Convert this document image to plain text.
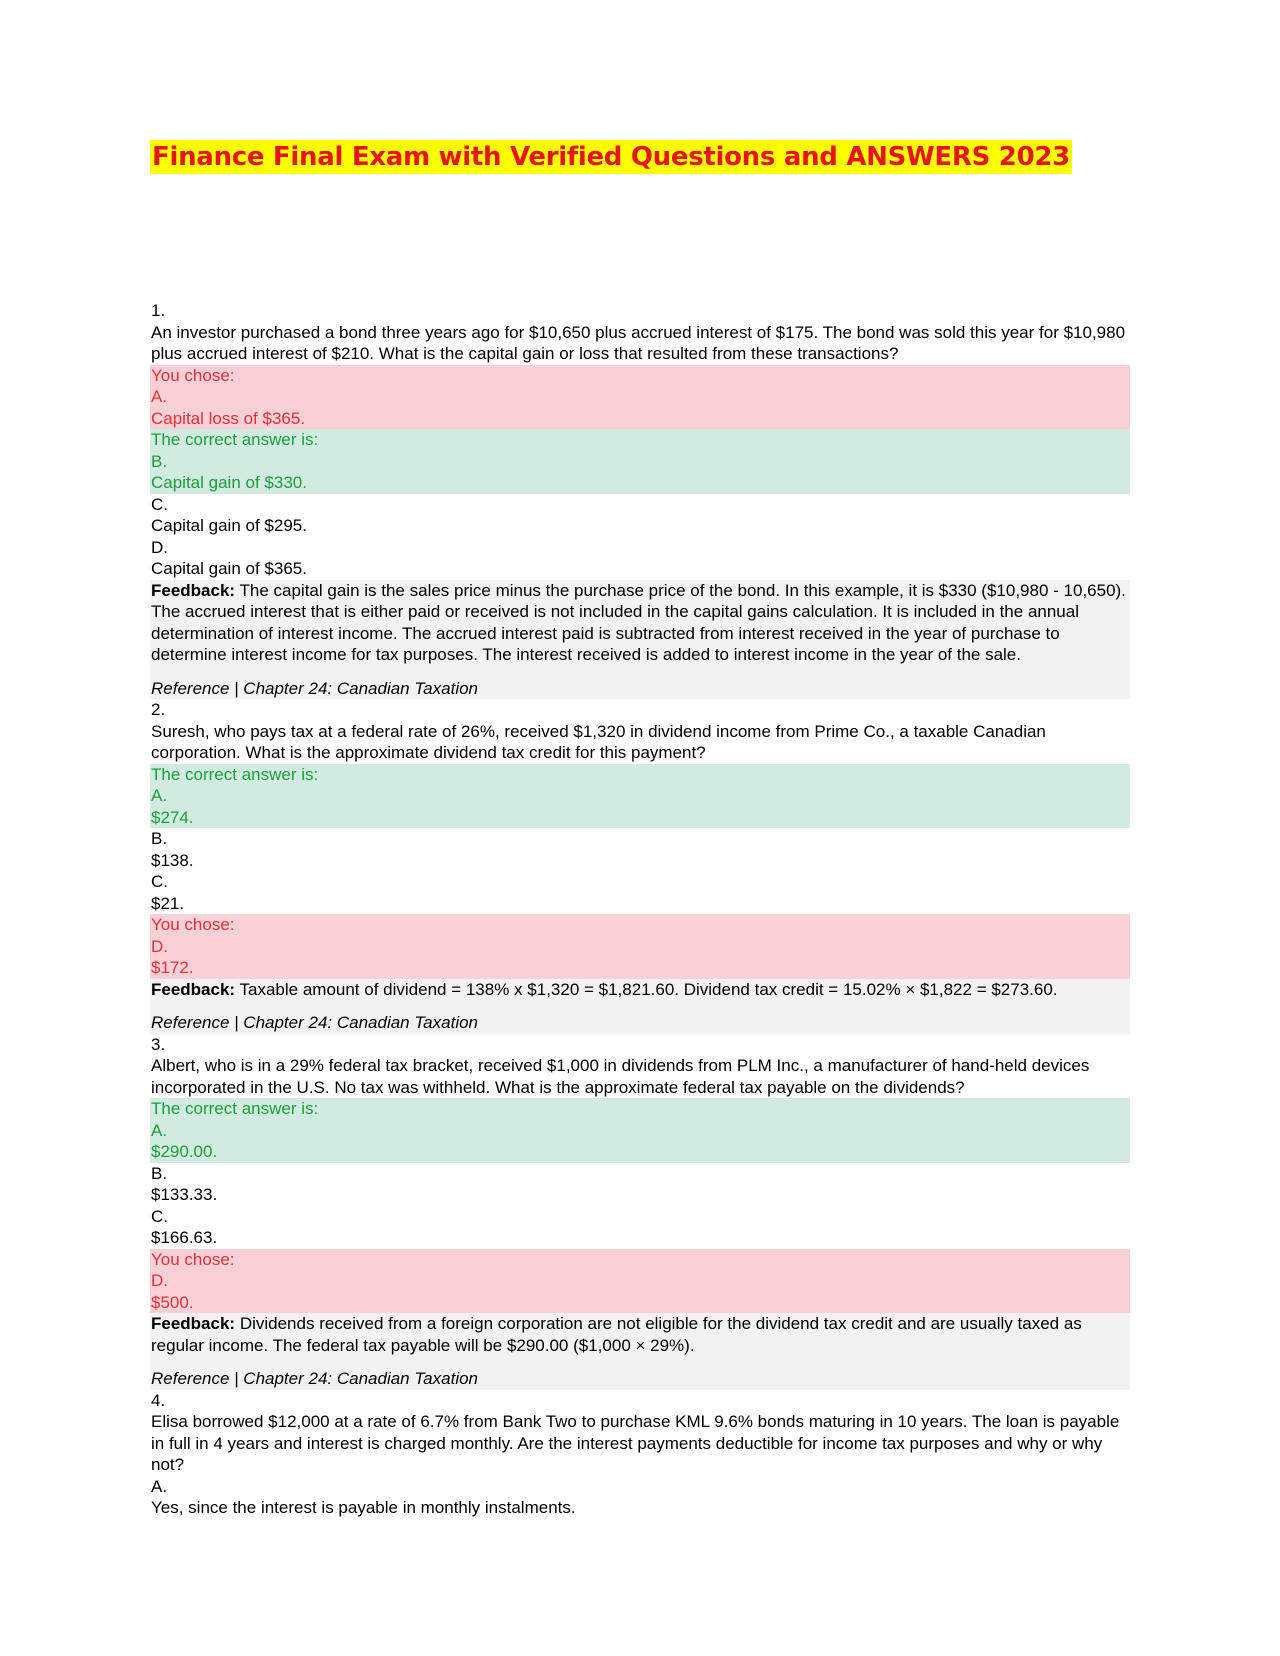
Finance Final Exam with Verified Questions and ANSWERS 2023
1.
An investor purchased a bond three years ago for $10,650 plus accrued interest of $175. The bond was sold this year for $10,980 plus accrued interest of $210. What is the capital gain or loss that resulted from these transactions?
You chose:
A.
Capital loss of $365.
The correct answer is:
B.
Capital gain of $330.
C.
Capital gain of $295.
D.
Capital gain of $365.
Feedback: The capital gain is the sales price minus the purchase price of the bond. In this example, it is $330 ($10,980 - 10,650). The accrued interest that is either paid or received is not included in the capital gains calculation. It is included in the annual determination of interest income. The accrued interest paid is subtracted from interest received in the year of purchase to determine interest income for tax purposes. The interest received is added to interest income in the year of the sale.
Reference | Chapter 24: Canadian Taxation
2.
Suresh, who pays tax at a federal rate of 26%, received $1,320 in dividend income from Prime Co., a taxable Canadian corporation. What is the approximate dividend tax credit for this payment?
The correct answer is:
A.
$274.
B.
$138.
C.
$21.
You chose:
D.
$172.
Feedback: Taxable amount of dividend = 138% x $1,320 = $1,821.60. Dividend tax credit = 15.02% × $1,822 = $273.60.
Reference | Chapter 24: Canadian Taxation
3.
Albert, who is in a 29% federal tax bracket, received $1,000 in dividends from PLM Inc., a manufacturer of hand-held devices incorporated in the U.S. No tax was withheld. What is the approximate federal tax payable on the dividends?
The correct answer is:
A.
$290.00.
B.
$133.33.
C.
$166.63.
You chose:
D.
$500.
Feedback: Dividends received from a foreign corporation are not eligible for the dividend tax credit and are usually taxed as regular income. The federal tax payable will be $290.00 ($1,000 × 29%).
Reference | Chapter 24: Canadian Taxation
4.
Elisa borrowed $12,000 at a rate of 6.7% from Bank Two to purchase KML 9.6% bonds maturing in 10 years. The loan is payable in full in 4 years and interest is charged monthly. Are the interest payments deductible for income tax purposes and why or why not?
A.
Yes, since the interest is payable in monthly instalments.
